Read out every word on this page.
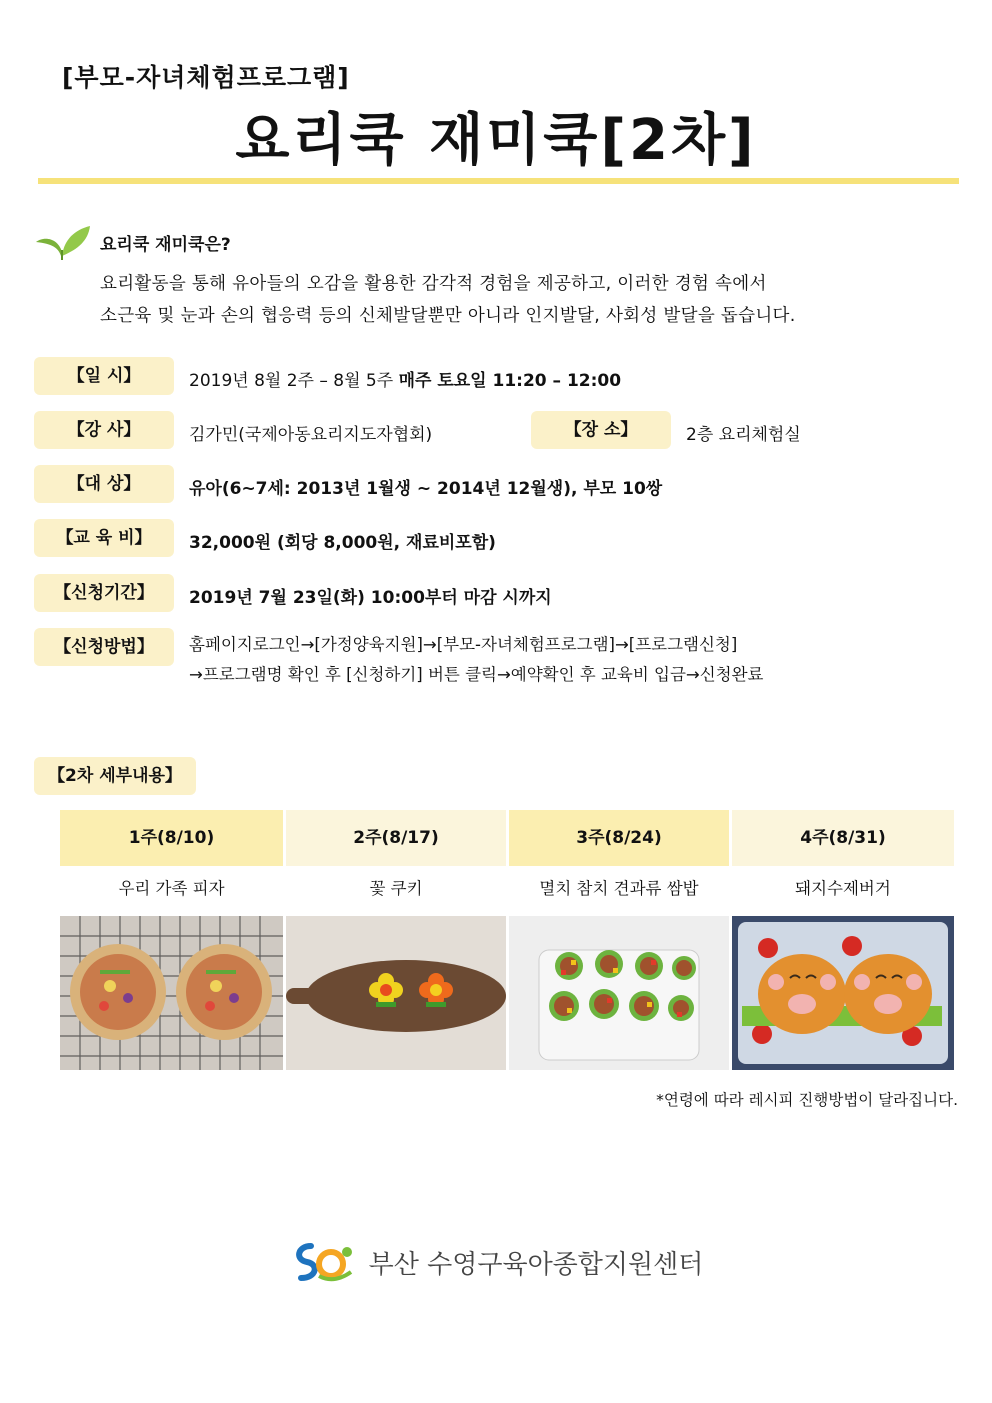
[부모-자녀체험프로그램]
요리쿡 재미쿡[2차]
요리쿡 재미쿡은?
요리활동을 통해 유아들의 오감을 활용한 감각적 경험을 제공하고, 이러한 경험 속에서
소근육 및 눈과 손의 협응력 등의 신체발달뿐만 아니라 인지발달, 사회성 발달을 돕습니다.
【일 시】	2019년 8월 2주 – 8월 5주 매주 토요일 11:20 – 12:00
【강 사】	김가민(국제아동요리지도자협회)	【장 소】	2층 요리체험실
【대 상】	유아(6~7세: 2013년 1월생 ~ 2014년 12월생), 부모 10쌍
【교 육 비】	32,000원 (회당 8,000원, 재료비포함)
【신청기간】	2019년 7월 23일(화) 10:00부터 마감 시까지
【신청방법】	홈페이지로그인→[가정양육지원]→[부모-자녀체험프로그램]→[프로그램신청]
→프로그램명 확인 후 [신청하기] 버튼 클릭→예약확인 후 교육비 입금→신청완료
【2차 세부내용】
1주(8/10)	2주(8/17)	3주(8/24)	4주(8/31)
우리 가족 피자	꽃 쿠키	멸치 참치 견과류 쌈밥	돼지수제버거
*연령에 따라 레시피 진행방법이 달라집니다.
부산 수영구육아종합지원센터
